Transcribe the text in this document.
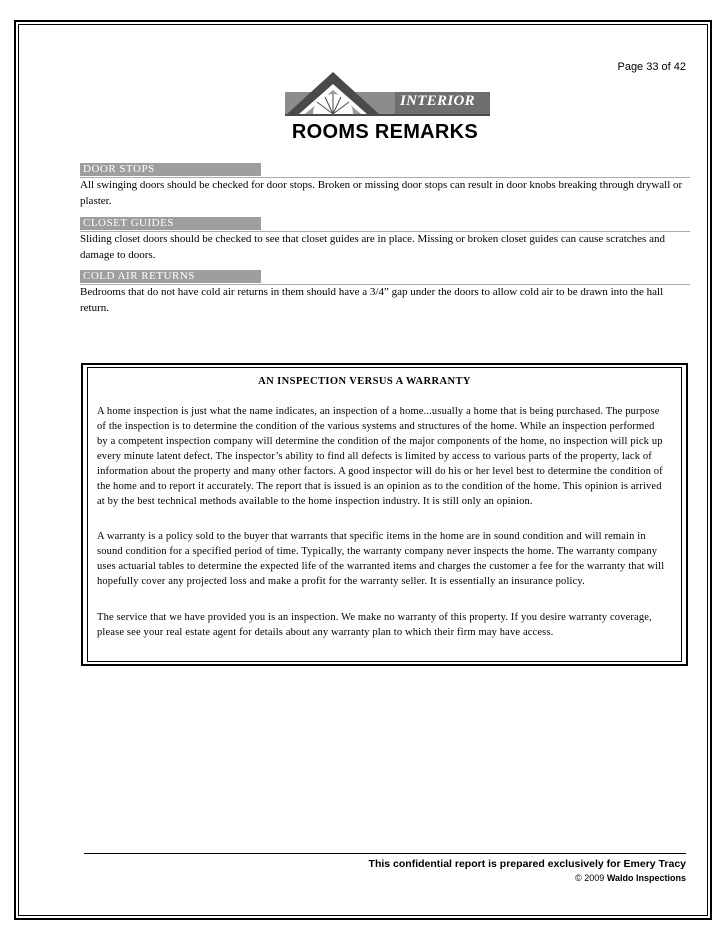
Page 33 of 42
INTERIOR
ROOMS REMARKS
DOOR STOPS
All swinging doors should be checked for door stops. Broken or missing door stops can result in door knobs breaking through drywall or plaster.
CLOSET GUIDES
Sliding closet doors should be checked to see that closet guides are in place. Missing or broken closet guides can cause scratches and damage to doors.
COLD AIR RETURNS
Bedrooms that do not have cold air returns in them should have a 3/4” gap under the doors to allow cold air to be drawn into the hall return.
AN INSPECTION VERSUS A WARRANTY
A home inspection is just what the name indicates, an inspection of a home...usually a home that is being purchased. The purpose of the inspection is to determine the condition of the various systems and structures of the home. While an inspection performed by a competent inspection company will determine the condition of the major components of the home, no inspection will pick up every minute latent defect. The inspector’s ability to find all defects is limited by access to various parts of the property, lack of information about the property and many other factors. A good inspector will do his or her level best to determine the condition of the home and to report it accurately. The report that is issued is an opinion as to the condition of the home. This opinion is arrived at by the best technical methods available to the home inspection industry. It is still only an opinion.
A warranty is a policy sold to the buyer that warrants that specific items in the home are in sound condition and will remain in sound condition for a specified period of time. Typically, the warranty company never inspects the home. The warranty company uses actuarial tables to determine the expected life of the warranted items and charges the customer a fee for the warranty that will hopefully cover any projected loss and make a profit for the warranty seller. It is essentially an insurance policy.
The service that we have provided you is an inspection. We make no warranty of this property. If you desire warranty coverage, please see your real estate agent for details about any warranty plan to which their firm may have access.
This confidential report is prepared exclusively for Emery Tracy
© 2009 Waldo Inspections
